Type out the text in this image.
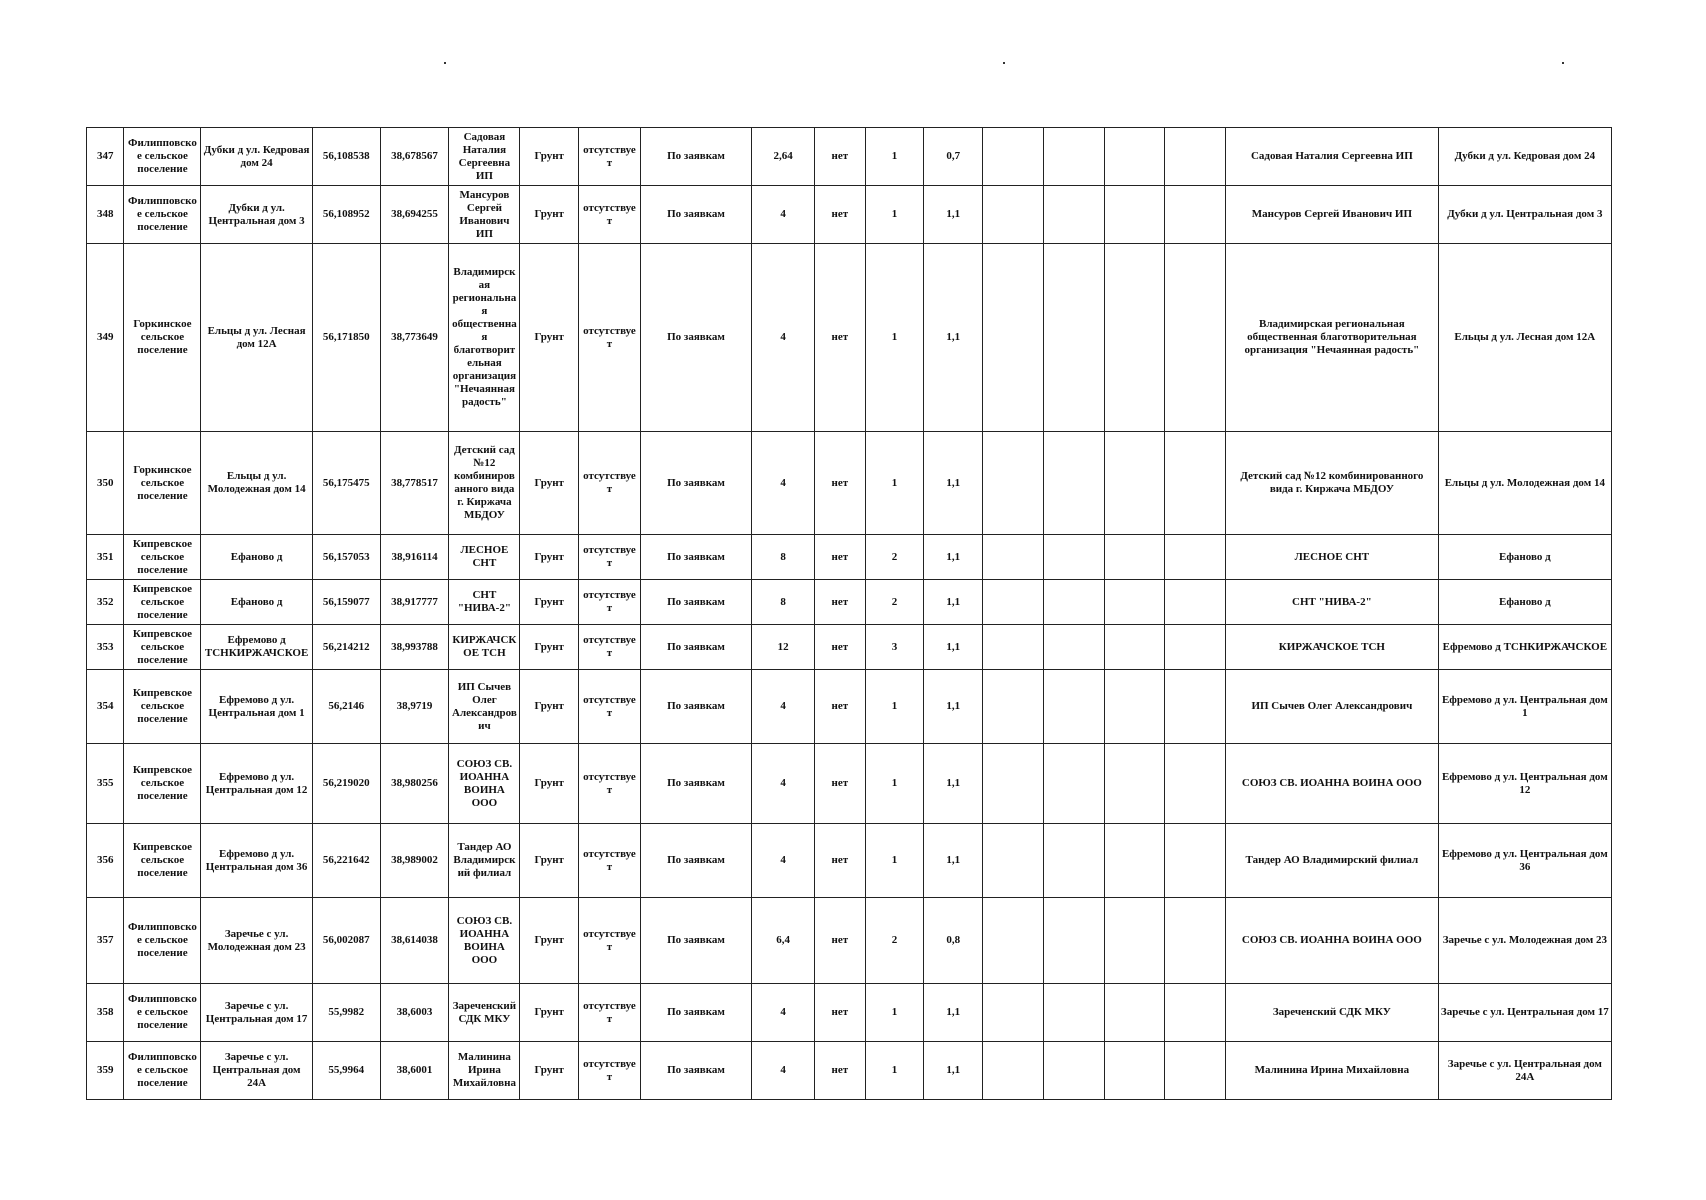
347	Филипповское сельское поселение	Дубки д ул. Кедровая дом 24	56,108538	38,678567	Садовая Наталия Сергеевна ИП	Грунт	отсутствует	По заявкам	2,64	нет	1	0,7					Садовая Наталия Сергеевна ИП	Дубки д ул. Кедровая дом 24
348	Филипповское сельское поселение	Дубки д ул. Центральная дом 3	56,108952	38,694255	Мансуров Сергей Иванович ИП	Грунт	отсутствует	По заявкам	4	нет	1	1,1					Мансуров Сергей Иванович ИП	Дубки д ул. Центральная дом 3
349	Горкинское сельское поселение	Ельцы д ул. Лесная дом 12А	56,171850	38,773649	Владимирская региональная общественная благотворительная организация "Нечаянная радость"	Грунт	отсутствует	По заявкам	4	нет	1	1,1					Владимирская региональная общественная благотворительная организация "Нечаянная радость"	Ельцы д ул. Лесная дом 12А
350	Горкинское сельское поселение	Ельцы д ул. Молодежная дом 14	56,175475	38,778517	Детский сад №12 комбинированного вида г. Киржача МБДОУ	Грунт	отсутствует	По заявкам	4	нет	1	1,1					Детский сад №12 комбинированного вида г. Киржача МБДОУ	Ельцы д ул. Молодежная дом 14
351	Кипревское сельское поселение	Ефаново д	56,157053	38,916114	ЛЕСНОЕ СНТ	Грунт	отсутствует	По заявкам	8	нет	2	1,1					ЛЕСНОЕ СНТ	Ефаново д
352	Кипревское сельское поселение	Ефаново д	56,159077	38,917777	СНТ "НИВА-2"	Грунт	отсутствует	По заявкам	8	нет	2	1,1					СНТ "НИВА-2"	Ефаново д
353	Кипревское сельское поселение	Ефремово д ТСНКИРЖАЧСКОЕ	56,214212	38,993788	КИРЖАЧСКОЕ ТСН	Грунт	отсутствует	По заявкам	12	нет	3	1,1					КИРЖАЧСКОЕ ТСН	Ефремово д ТСНКИРЖАЧСКОЕ
354	Кипревское сельское поселение	Ефремово д ул. Центральная дом 1	56,2146	38,9719	ИП Сычев Олег Александрович	Грунт	отсутствует	По заявкам	4	нет	1	1,1					ИП Сычев Олег Александрович	Ефремово д ул. Центральная дом 1
355	Кипревское сельское поселение	Ефремово д ул. Центральная дом 12	56,219020	38,980256	СОЮЗ СВ. ИОАННА ВОИНА ООО	Грунт	отсутствует	По заявкам	4	нет	1	1,1					СОЮЗ СВ. ИОАННА ВОИНА ООО	Ефремово д ул. Центральная дом 12
356	Кипревское сельское поселение	Ефремово д ул. Центральная дом 36	56,221642	38,989002	Тандер АО Владимирский филиал	Грунт	отсутствует	По заявкам	4	нет	1	1,1					Тандер АО Владимирский филиал	Ефремово д ул. Центральная дом 36
357	Филипповское сельское поселение	Заречье с ул. Молодежная дом 23	56,002087	38,614038	СОЮЗ СВ. ИОАННА ВОИНА ООО	Грунт	отсутствует	По заявкам	6,4	нет	2	0,8					СОЮЗ СВ. ИОАННА ВОИНА ООО	Заречье с ул. Молодежная дом 23
358	Филипповское сельское поселение	Заречье с ул. Центральная дом 17	55,9982	38,6003	Зареченский СДК МКУ	Грунт	отсутствует	По заявкам	4	нет	1	1,1					Зареченский СДК МКУ	Заречье с ул. Центральная дом 17
359	Филипповское сельское поселение	Заречье с ул. Центральная дом 24А	55,9964	38,6001	Малинина Ирина Михайловна	Грунт	отсутствует	По заявкам	4	нет	1	1,1					Малинина Ирина Михайловна	Заречье с ул. Центральная дом 24А
